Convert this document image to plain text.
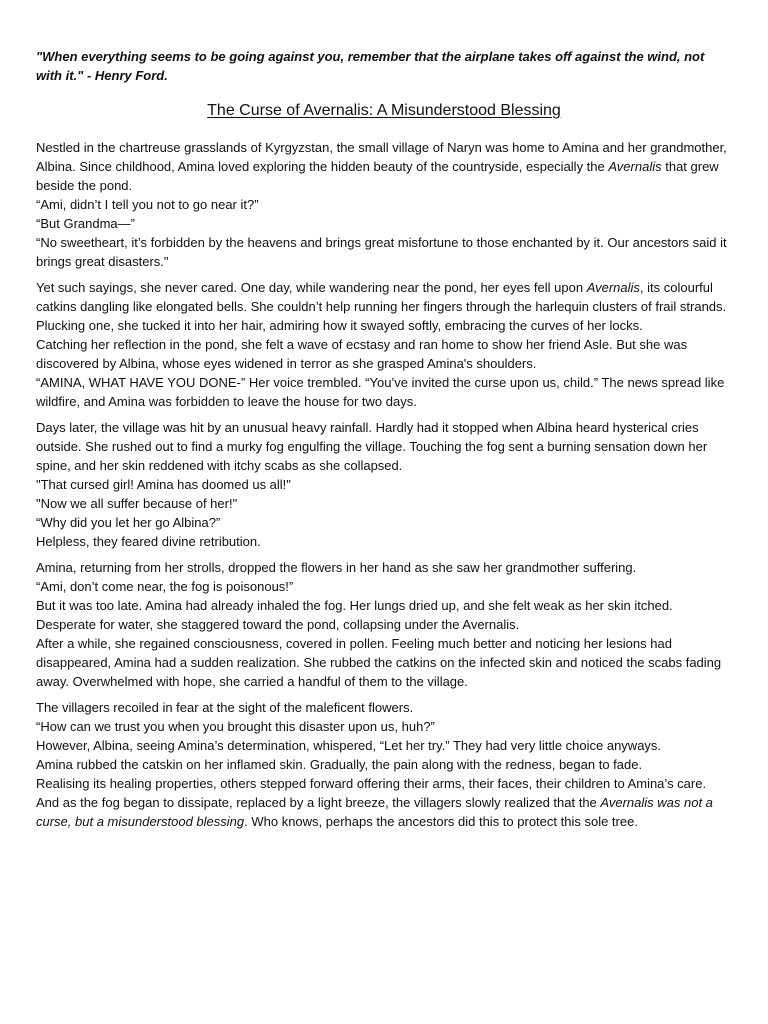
"When everything seems to be going against you, remember that the airplane takes off against the wind, not with it." - Henry Ford.

The Curse of Avernalis: A Misunderstood Blessing

Nestled in the chartreuse grasslands of Kyrgyzstan, the small village of Naryn was home to Amina and her grandmother, Albina. Since childhood, Amina loved exploring the hidden beauty of the countryside, especially the Avernalis that grew beside the pond.
“Ami, didn’t I tell you not to go near it?”
“But Grandma—”
“No sweetheart, it’s forbidden by the heavens and brings great misfortune to those enchanted by it. Our ancestors said it brings great disasters."

Yet such sayings, she never cared. One day, while wandering near the pond, her eyes fell upon Avernalis, its colourful catkins dangling like elongated bells. She couldn’t help running her fingers through the harlequin clusters of frail strands. Plucking one, she tucked it into her hair, admiring how it swayed softly, embracing the curves of her locks.
Catching her reflection in the pond, she felt a wave of ecstasy and ran home to show her friend Asle. But she was discovered by Albina, whose eyes widened in terror as she grasped Amina's shoulders.
“AMINA, WHAT HAVE YOU DONE-” Her voice trembled. “You’ve invited the curse upon us, child.” The news spread like wildfire, and Amina was forbidden to leave the house for two days.

Days later, the village was hit by an unusual heavy rainfall. Hardly had it stopped when Albina heard hysterical cries outside. She rushed out to find a murky fog engulfing the village. Touching the fog sent a burning sensation down her spine, and her skin reddened with itchy scabs as she collapsed.
"That cursed girl! Amina has doomed us all!"
"Now we all suffer because of her!"
“Why did you let her go Albina?”
Helpless, they feared divine retribution.

Amina, returning from her strolls, dropped the flowers in her hand as she saw her grandmother suffering.
“Ami, don’t come near, the fog is poisonous!”
But it was too late. Amina had already inhaled the fog. Her lungs dried up, and she felt weak as her skin itched. Desperate for water, she staggered toward the pond, collapsing under the Avernalis.
After a while, she regained consciousness, covered in pollen. Feeling much better and noticing her lesions had disappeared, Amina had a sudden realization. She rubbed the catkins on the infected skin and noticed the scabs fading away. Overwhelmed with hope, she carried a handful of them to the village.

The villagers recoiled in fear at the sight of the maleficent flowers.
“How can we trust you when you brought this disaster upon us, huh?”
However, Albina, seeing Amina’s determination, whispered, “Let her try.” They had very little choice anyways.
Amina rubbed the catskin on her inflamed skin. Gradually, the pain along with the redness, began to fade.
Realising its healing properties, others stepped forward offering their arms, their faces, their children to Amina’s care.
And as the fog began to dissipate, replaced by a light breeze, the villagers slowly realized that the Avernalis was not a curse, but a misunderstood blessing. Who knows, perhaps the ancestors did this to protect this sole tree.
